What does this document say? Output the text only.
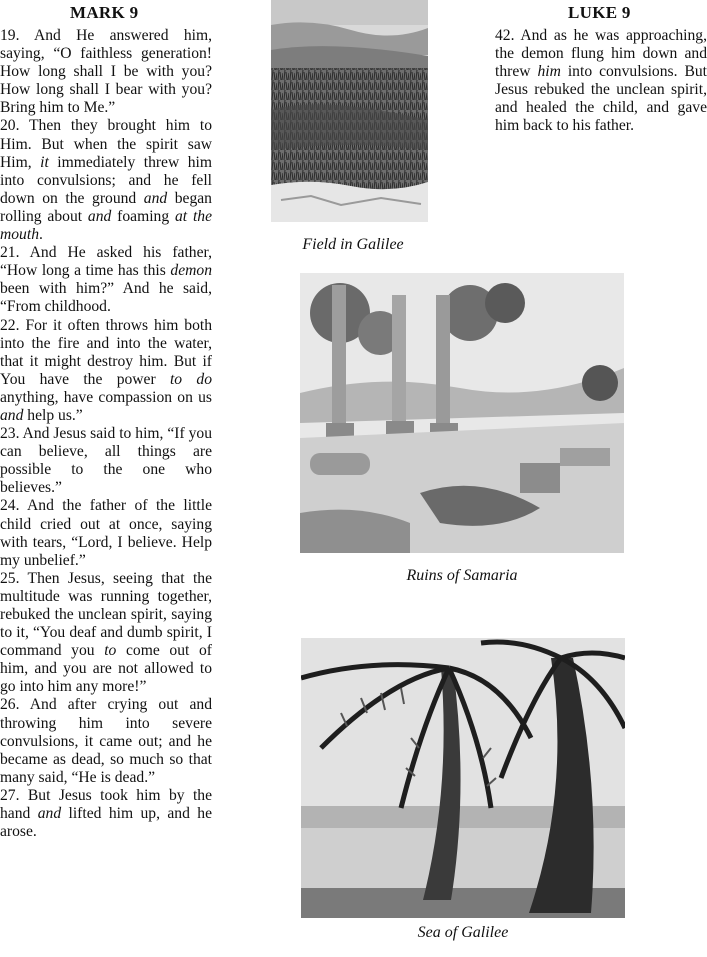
MARK 9

19. And He answered him, saying, “O faithless generation! How long shall I be with you? How long shall I bear with you? Bring him to Me.”

20. Then they brought him to Him. But when the spirit saw Him, it immediately threw him into convulsions; and he fell down on the ground and began rolling about and foaming at the mouth.

21. And He asked his father, “How long a time has this demon been with him?” And he said, “From childhood.

22. For it often throws him both into the fire and into the water, that it might destroy him. But if You have the power to do anything, have compassion on us and help us.”

23. And Jesus said to him, “If you can believe, all things are possible to the one who believes.”

24. And the father of the little child cried out at once, saying with tears, “Lord, I believe. Help my unbelief.”

25. Then Jesus, seeing that the multitude was running together, rebuked the unclean spirit, saying to it, “You deaf and dumb spirit, I command you to come out of him, and you are not allowed to go into him any more!”

26. And after crying out and throwing him into severe convulsions, it came out; and he became as dead, so much so that many said, “He is dead.”

27. But Jesus took him by the hand and lifted him up, and he arose.

LUKE 9

42. And as he was approaching, the demon flung him down and threw him into convulsions. But Jesus rebuked the unclean spirit, and healed the child, and gave him back to his father.

Field in Galilee
Ruins of Samaria
Sea of Galilee
